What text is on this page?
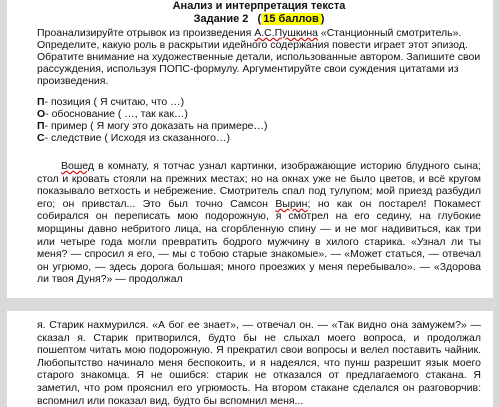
Анализ и интерпретация текста
Задание 2   ( 15 баллов )
Проанализируйте отрывок из произведения А.С.Пушкина «Станционный смотритель». Определите, какую роль в раскрытии идейного содержания повести играет этот эпизод. Обратите внимание на художественные детали, использованные автором. Запишите свои рассуждения, используя ПОПС-формулу. Аргументируйте свои суждения цитатами из произведения.
П- позиция ( Я считаю, что …)
О- обоснование ( …, так как…)
П- пример ( Я могу это доказать на примере…)
С- следствие ( Исходя из сказанного…)
Вошед в комнату, я тотчас узнал картинки, изображающие историю блудного сына; стол и кровать стояли на прежних местах; но на окнах уже не было цветов, и всё кругом показывало ветхость и небрежение. Смотритель спал под тулупом; мой приезд разбудил его; он привстал... Это был точно Самсон Вырин; но как он постарел! Покамест собирался он переписать мою подорожную, я смотрел на его седину, на глубокие морщины давно небритого лица, на сгорбленную спину — и не мог надивиться, как три или четыре года могли превратить бодрого мужчину в хилого старика. «Узнал ли ты меня? — спросил я его, — мы с тобою старые знакомые». — «Может статься, — отвечал он угрюмо, — здесь дорога большая; много проезжих у меня перебывало». — «Здорова ли твоя Дуня?» — продолжал
я. Старик нахмурился. «А бог ее знает», — отвечал он. — «Так видно она замужем?» — сказал я. Старик притворился, будто бы не слыхал моего вопроса, и продолжал пошептом читать мою подорожную. Я прекратил свои вопросы и велел поставить чайник. Любопытство начинало меня беспокоить, и я надеялся, что пунш разрешит язык моего старого знакомца. Я не ошибся: старик не отказался от предлагаемого стакана. Я заметил, что ром прояснил его угрюмость. На втором стакане сделался он разговорчив: вспомнил или показал вид, будто бы вспомнил меня...
